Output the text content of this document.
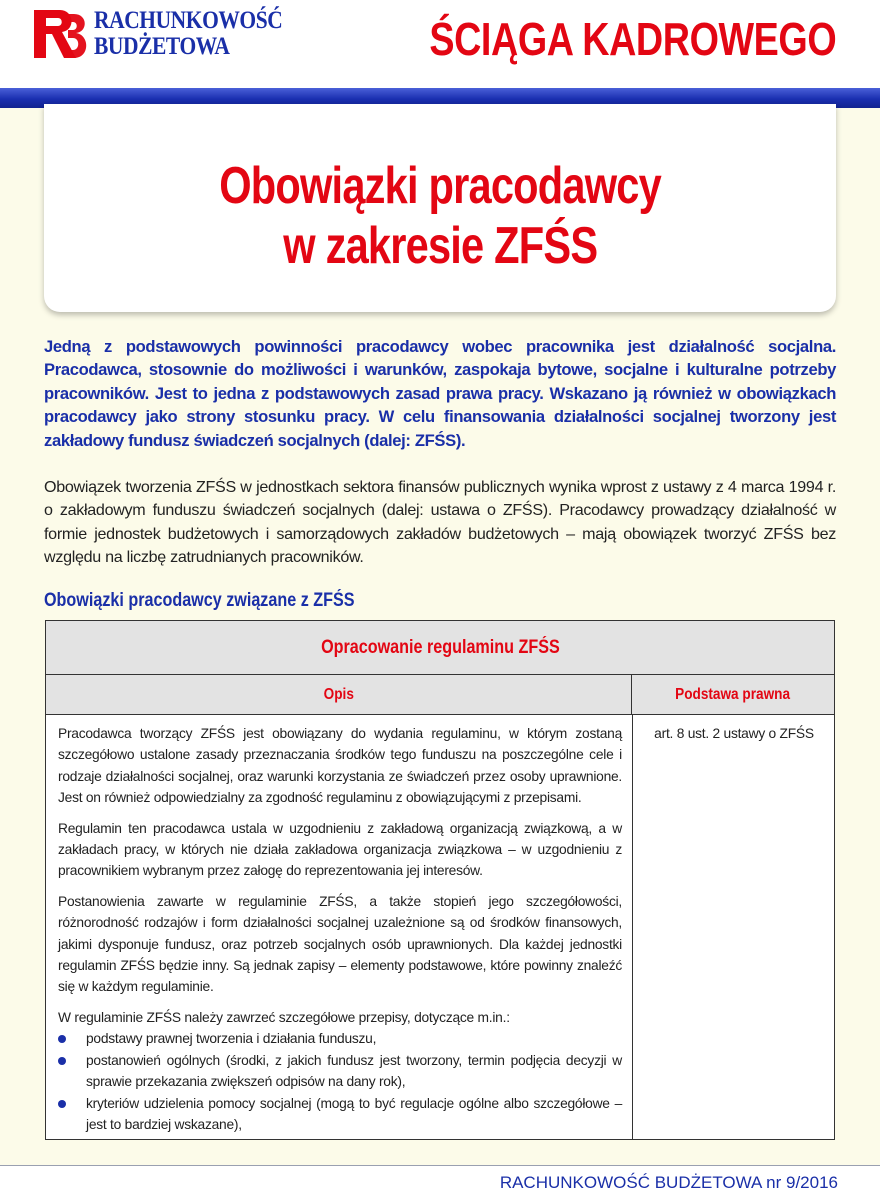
RACHUNKOWOŚĆ
BUDŻETOWA	ŚCIĄGA KADROWEGO
Obowiązki pracodawcy
w zakresie ZFŚS
Jedną z podstawowych powinności pracodawcy wobec pracownika jest działalność socjalna. Pracodawca, stosownie do możliwości i warunków, zaspokaja bytowe, socjalne i kulturalne potrzeby pracowników. Jest to jedna z podstawowych zasad prawa pracy. Wskazano ją również w obowiązkach pracodawcy jako strony stosunku pracy. W celu finansowania działalności socjalnej tworzony jest zakładowy fundusz świadczeń socjalnych (dalej: ZFŚS).
Obowiązek tworzenia ZFŚS w jednostkach sektora finansów publicznych wynika wprost z ustawy z 4 marca 1994 r. o zakładowym funduszu świadczeń socjalnych (dalej: ustawa o ZFŚS). Pracodawcy prowadzący działalność w formie jednostek budżetowych i samorządowych zakładów budżetowych – mają obowiązek tworzyć ZFŚS bez względu na liczbę zatrudnianych pracowników.
Obowiązki pracodawcy związane z ZFŚS
Opracowanie regulaminu ZFŚS
Opis	Podstawa prawna

Pracodawca tworzący ZFŚS jest obowiązany do wydania regulaminu, w którym zostaną szczegółowo ustalone zasady przeznaczania środków tego funduszu na poszczególne cele i rodzaje działalności socjalnej, oraz warunki korzystania ze świadczeń przez osoby uprawnione. Jest on również odpowiedzialny za zgodność regulaminu z obowiązującymi z przepisami.

Regulamin ten pracodawca ustala w uzgodnieniu z zakładową organizacją związkową, a w zakładach pracy, w których nie działa zakładowa organizacja związkowa – w uzgodnieniu z pracownikiem wybranym przez załogę do reprezentowania jej interesów.

Postanowienia zawarte w regulaminie ZFŚS, a także stopień jego szczegółowości, różnorodność rodzajów i form działalności socjalnej uzależnione są od środków finansowych, jakimi dysponuje fundusz, oraz potrzeb socjalnych osób uprawnionych. Dla każdej jednostki regulamin ZFŚS będzie inny. Są jednak zapisy – elementy podstawowe, które powinny znaleźć się w każdym regulaminie.

W regulaminie ZFŚS należy zawrzeć szczegółowe przepisy, dotyczące m.in.:

podstawy prawnej tworzenia i działania funduszu,
postanowień ogólnych (środki, z jakich fundusz jest tworzony, termin podjęcia decyzji w sprawie przekazania zwiększeń odpisów na dany rok),
kryteriów udzielenia pomocy socjalnej (mogą to być regulacje ogólne albo szczegółowe – jest to bardziej wskazane),
art. 8 ust. 2 ustawy o ZFŚS
RACHUNKOWOŚĆ BUDŻETOWA nr 9/2016
